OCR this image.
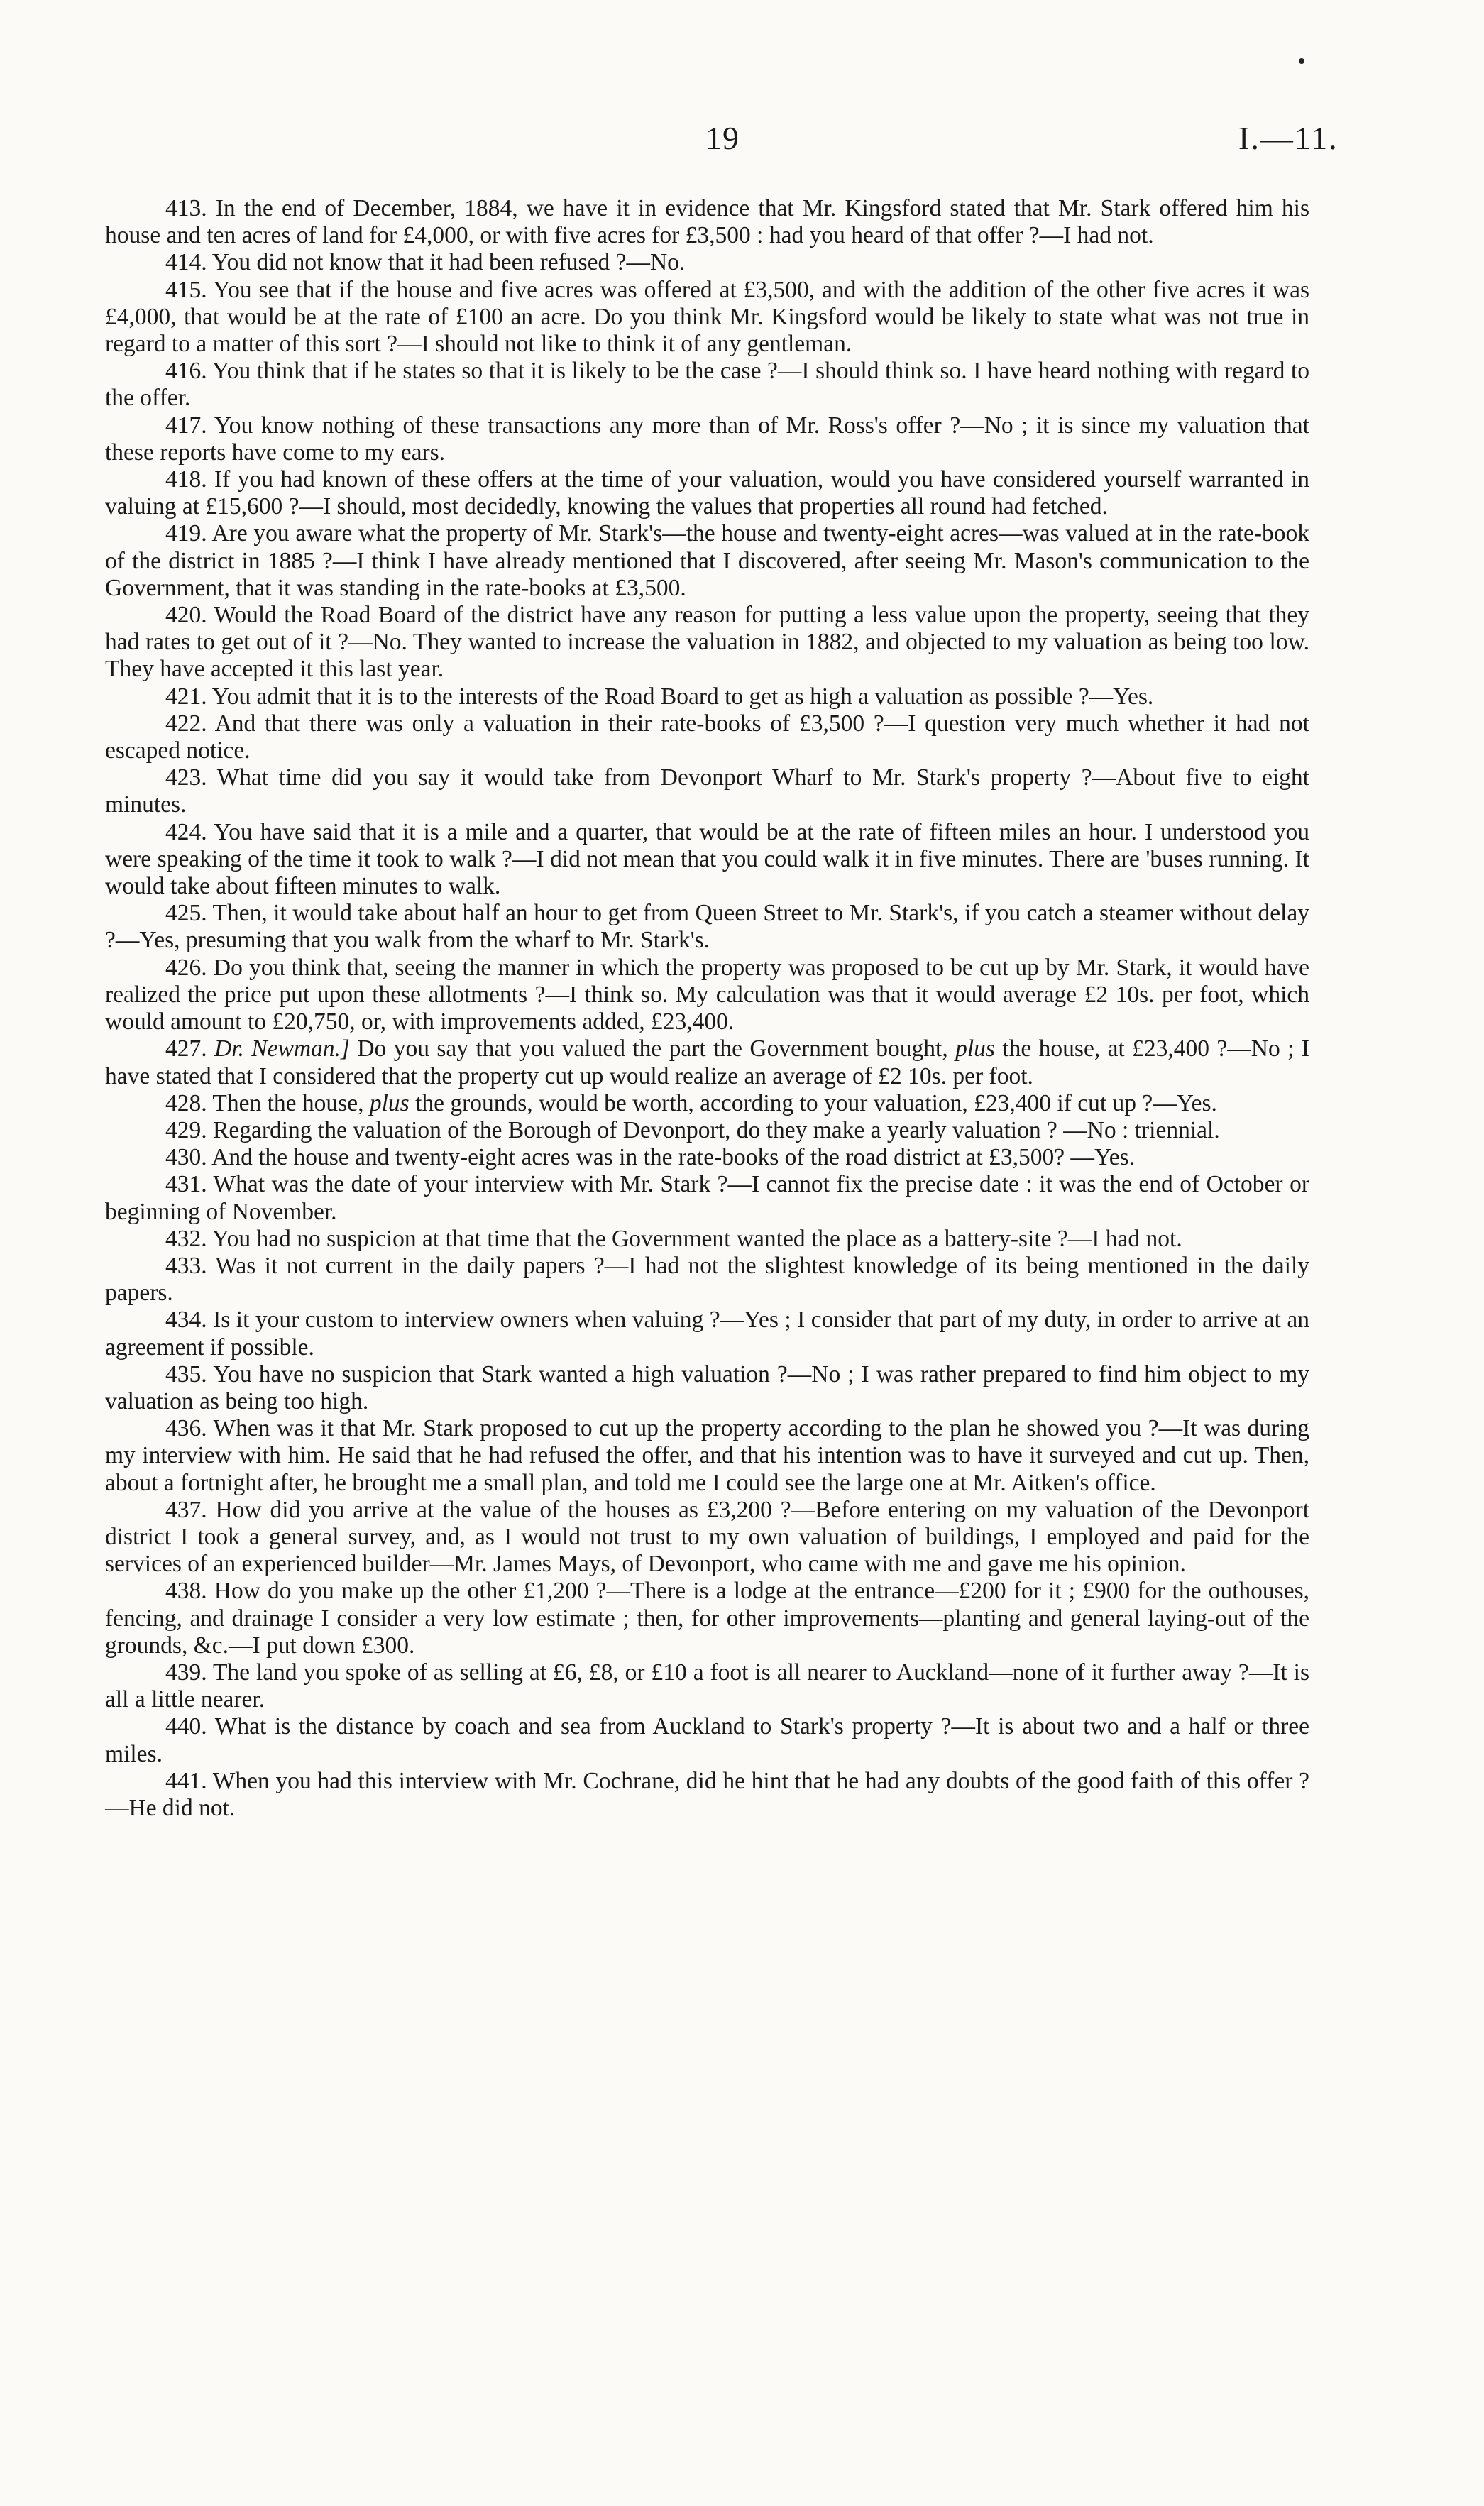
19	I.—11.

413. In the end of December, 1884, we have it in evidence that Mr. Kingsford stated that Mr. Stark offered him his house and ten acres of land for £4,000, or with five acres for £3,500 : had you heard of that offer ?—I had not.

414. You did not know that it had been refused ?—No.

415. You see that if the house and five acres was offered at £3,500, and with the addition of the other five acres it was £4,000, that would be at the rate of £100 an acre. Do you think Mr. Kingsford would be likely to state what was not true in regard to a matter of this sort ?—I should not like to think it of any gentleman.

416. You think that if he states so that it is likely to be the case ?—I should think so. I have heard nothing with regard to the offer.

417. You know nothing of these transactions any more than of Mr. Ross's offer ?—No ; it is since my valuation that these reports have come to my ears.

418. If you had known of these offers at the time of your valuation, would you have considered yourself warranted in valuing at £15,600 ?—I should, most decidedly, knowing the values that properties all round had fetched.

419. Are you aware what the property of Mr. Stark's—the house and twenty-eight acres—was valued at in the rate-book of the district in 1885 ?—I think I have already mentioned that I discovered, after seeing Mr. Mason's communication to the Government, that it was standing in the rate-books at £3,500.

420. Would the Road Board of the district have any reason for putting a less value upon the property, seeing that they had rates to get out of it ?—No. They wanted to increase the valuation in 1882, and objected to my valuation as being too low. They have accepted it this last year.

421. You admit that it is to the interests of the Road Board to get as high a valuation as possible ?—Yes.

422. And that there was only a valuation in their rate-books of £3,500 ?—I question very much whether it had not escaped notice.

423. What time did you say it would take from Devonport Wharf to Mr. Stark's property ?—About five to eight minutes.

424. You have said that it is a mile and a quarter, that would be at the rate of fifteen miles an hour. I understood you were speaking of the time it took to walk ?—I did not mean that you could walk it in five minutes. There are 'buses running. It would take about fifteen minutes to walk.

425. Then, it would take about half an hour to get from Queen Street to Mr. Stark's, if you catch a steamer without delay ?—Yes, presuming that you walk from the wharf to Mr. Stark's.

426. Do you think that, seeing the manner in which the property was proposed to be cut up by Mr. Stark, it would have realized the price put upon these allotments ?—I think so. My calculation was that it would average £2 10s. per foot, which would amount to £20,750, or, with improvements added, £23,400.

427. Dr. Newman.] Do you say that you valued the part the Government bought, plus the house, at £23,400 ?—No ; I have stated that I considered that the property cut up would realize an average of £2 10s. per foot.

428. Then the house, plus the grounds, would be worth, according to your valuation, £23,400 if cut up ?—Yes.

429. Regarding the valuation of the Borough of Devonport, do they make a yearly valuation ? —No : triennial.

430. And the house and twenty-eight acres was in the rate-books of the road district at £3,500? —Yes.

431. What was the date of your interview with Mr. Stark ?—I cannot fix the precise date : it was the end of October or beginning of November.

432. You had no suspicion at that time that the Government wanted the place as a battery-site ?—I had not.

433. Was it not current in the daily papers ?—I had not the slightest knowledge of its being mentioned in the daily papers.

434. Is it your custom to interview owners when valuing ?—Yes ; I consider that part of my duty, in order to arrive at an agreement if possible.

435. You have no suspicion that Stark wanted a high valuation ?—No ; I was rather prepared to find him object to my valuation as being too high.

436. When was it that Mr. Stark proposed to cut up the property according to the plan he showed you ?—It was during my interview with him. He said that he had refused the offer, and that his intention was to have it surveyed and cut up. Then, about a fortnight after, he brought me a small plan, and told me I could see the large one at Mr. Aitken's office.

437. How did you arrive at the value of the houses as £3,200 ?—Before entering on my valuation of the Devonport district I took a general survey, and, as I would not trust to my own valuation of buildings, I employed and paid for the services of an experienced builder—Mr. James Mays, of Devonport, who came with me and gave me his opinion.

438. How do you make up the other £1,200 ?—There is a lodge at the entrance—£200 for it ; £900 for the outhouses, fencing, and drainage I consider a very low estimate ; then, for other improvements—planting and general laying-out of the grounds, &c.—I put down £300.

439. The land you spoke of as selling at £6, £8, or £10 a foot is all nearer to Auckland—none of it further away ?—It is all a little nearer.

440. What is the distance by coach and sea from Auckland to Stark's property ?—It is about two and a half or three miles.

441. When you had this interview with Mr. Cochrane, did he hint that he had any doubts of the good faith of this offer ?—He did not.
